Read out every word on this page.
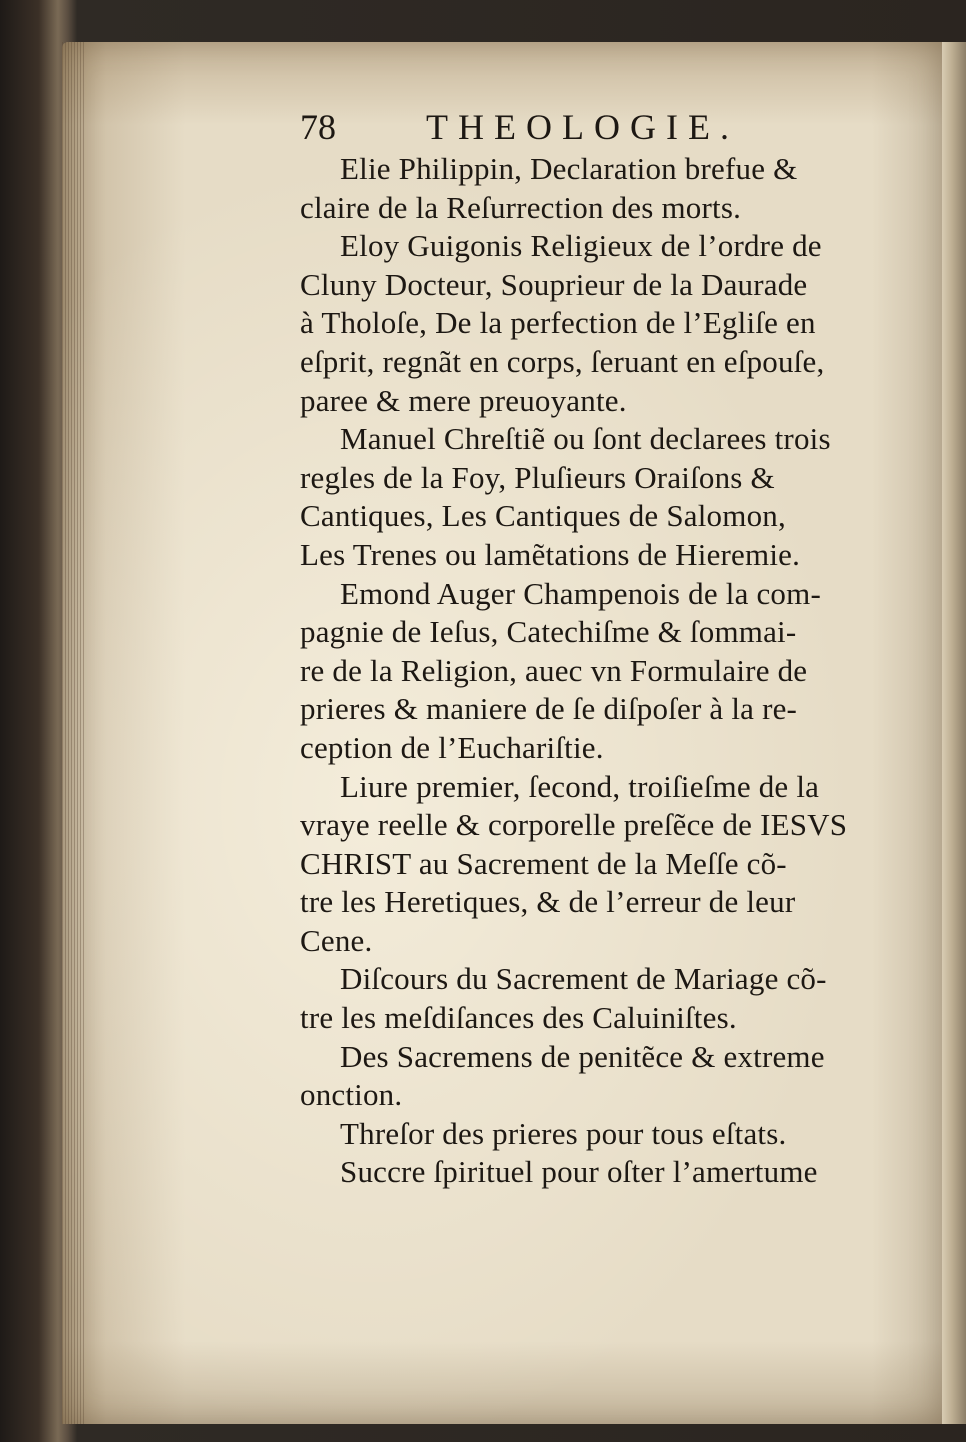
78	THEOLOGIE.
Elie Philippin, Declaration brefue &
claire de la Reſurrection des morts.
Eloy Guigonis Religieux de l’ordre de
Cluny Docteur, Souprieur de la Daurade
à Tholoſe, De la perfection de l’Egliſe en
eſprit, regnãt en corps, ſeruant en eſpouſe,
paree & mere preuoyante.
Manuel Chreſtiẽ ou ſont declarees trois
regles de la Foy, Pluſieurs Oraiſons &
Cantiques, Les Cantiques de Salomon,
Les Trenes ou lamẽtations de Hieremie.
Emond Auger Champenois de la com-
pagnie de Ieſus, Catechiſme & ſommai-
re de la Religion, auec vn Formulaire de
prieres & maniere de ſe diſpoſer à la re-
ception de l’Euchariſtie.
Liure premier, ſecond, troiſieſme de la
vraye reelle & corporelle preſẽce de IESVS
CHRIST au Sacrement de la Meſſe cõ-
tre les Heretiques, & de l’erreur de leur
Cene.
Diſcours du Sacrement de Mariage cõ-
tre les meſdiſances des Caluiniſtes.
Des Sacremens de penitẽce & extreme
onction.
Threſor des prieres pour tous eſtats.
Succre ſpirituel pour oſter l’amertume
